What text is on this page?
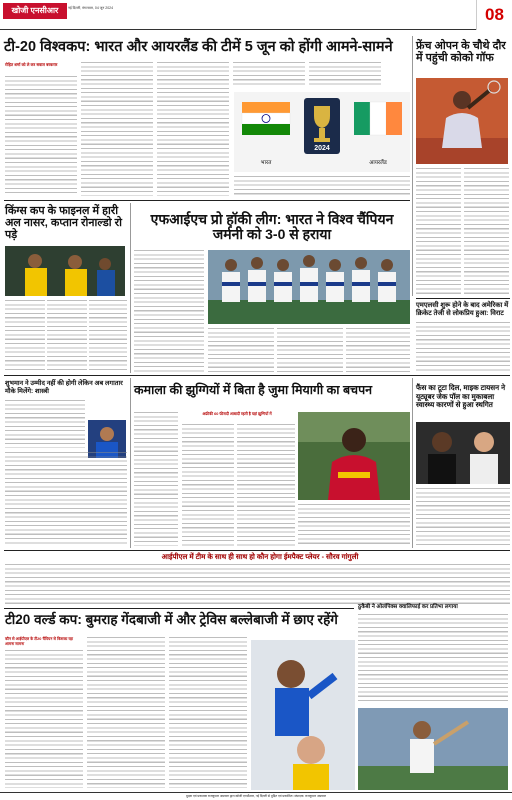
खोजी एनसीआर	नई दिल्ली, मंगलवार, 04 जून 2024	08
टी-20 विश्वकप: भारत और आयरलैंड की टीमें 5 जून को होंगी आमने-सामने
रोहित शर्मा को ले कर सवाल बरकरार
2024
भारत	आयरलैंड
फ्रेंच ओपन के चौथे दौर में पहुंची कोको गॉफ
किंग्स कप के फाइनल में हारी अल नासर, कप्तान रोनाल्डो रो पड़े
एफआईएच प्रो हॉकी लीग: भारत ने विश्व चैंपियन जर्मनी को 3-0 से हराया
एमएलसी शुरू होने के बाद अमेरिका में क्रिकेट तेजी से लोकप्रिय हुआ: विराट
शुभमान ने उम्मीद नहीं की होगी लेकिन अब लगातार मौके मिलेंगे: शास्त्री	कमाला की झुग्गियों में बिता है जुमा मियागी का बचपन
अफ्रीकी 60 फीसदी आबादी रहती है यहां झुग्गियों में
फैंस का टूटा दिल, माइक टायसन ने यूट्यूबर जेक पॉल का मुकाबला स्वास्थ्य कारणों से हुआ स्थगित
आईपीएल में टीम के साथ ही साथ हो कौन होगा ईमपैक्ट प्लेयर - सौरव गांगुली
ठुकैबी ने ओलंपिक्स क्वालिफाई कर प्रतिभा लगाया
टी20 वर्ल्ड कप: बुमराह गेंदबाजी में और ट्रेविस बल्लेबाजी में छाए रहेंगे
कौन से आईपीएल के टी20 चैंपियन से किसका रहा आमना सामना
मुद्रक एवं प्रकाशक राजकुमार अग्रवाल द्वारा खोजी एनसीआर, नई दिल्ली से मुद्रित एवं प्रकाशित। संपादक: राजकुमार अग्रवाल
